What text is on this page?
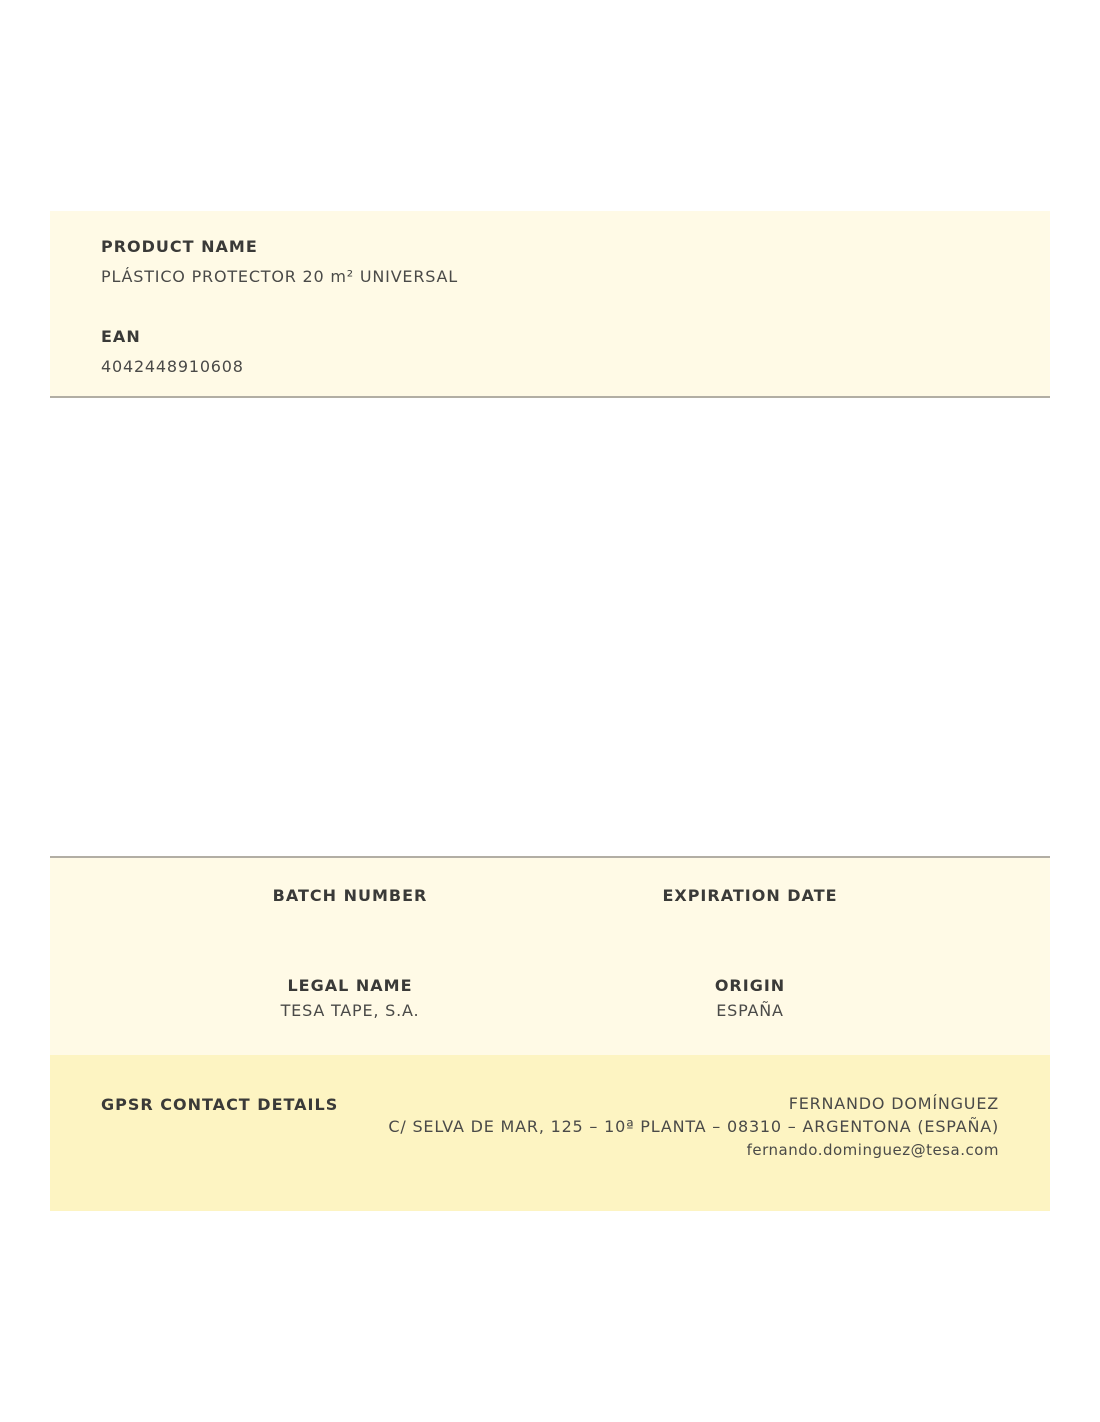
PRODUCT NAME
PLÁSTICO PROTECTOR 20 m² UNIVERSAL
EAN
4042448910608
BATCH NUMBER	EXPIRATION DATE
LEGAL NAME
TESA TAPE, S.A.
ORIGIN
ESPAÑA
GPSR CONTACT DETAILS	FERNANDO DOMÍNGUEZ
C/ SELVA DE MAR, 125 – 10ª PLANTA – 08310 – ARGENTONA (ESPAÑA)
fernando.dominguez@tesa.com
